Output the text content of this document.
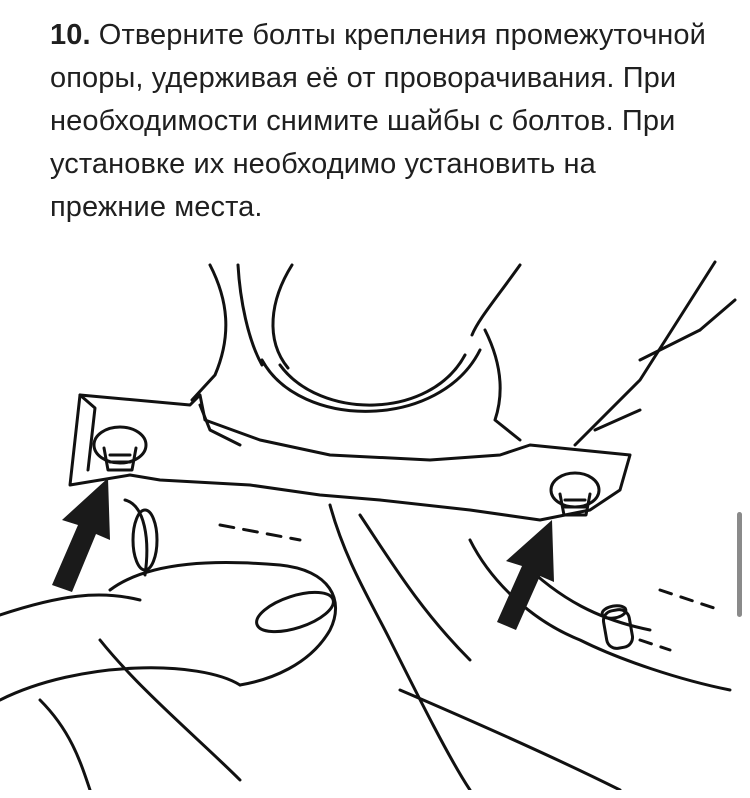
10. Отверните болты крепления промежуточной опоры, удерживая её от проворачивания. При необходимости снимите шайбы с болтов. При установке их необходимо установить на прежние места.
